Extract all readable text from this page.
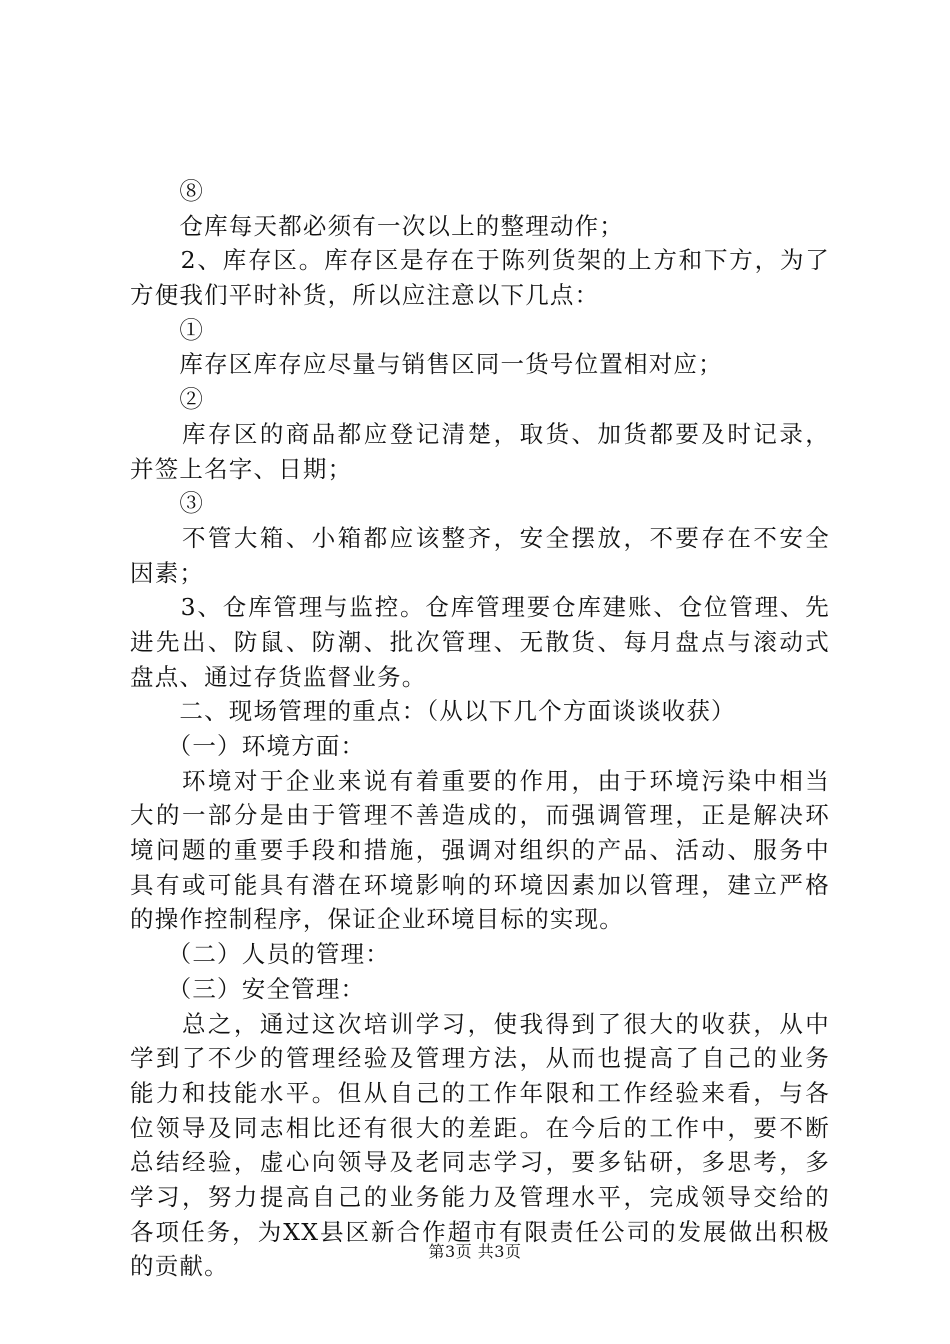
　　⑧
　　仓库每天都必须有一次以上的整理动作；
　　2、库存区。库存区是存在于陈列货架的上方和下方，为了
方便我们平时补货，所以应注意以下几点：
　　①
　　库存区库存应尽量与销售区同一货号位置相对应；
　　②
　　库存区的商品都应登记清楚，取货、加货都要及时记录，
并签上名字、日期；
　　③
　　不管大箱、小箱都应该整齐，安全摆放，不要存在不安全
因素；
　　3、仓库管理与监控。仓库管理要仓库建账、仓位管理、先
进先出、防鼠、防潮、批次管理、无散货、每月盘点与滚动式
盘点、通过存货监督业务。
　　二、现场管理的重点：（从以下几个方面谈谈收获）
　　（一）环境方面：
　　环境对于企业来说有着重要的作用，由于环境污染中相当
大的一部分是由于管理不善造成的，而强调管理，正是解决环
境问题的重要手段和措施，强调对组织的产品、活动、服务中
具有或可能具有潜在环境影响的环境因素加以管理，建立严格
的操作控制程序，保证企业环境目标的实现。
　　（二）人员的管理：
　　（三）安全管理：
　　总之，通过这次培训学习，使我得到了很大的收获，从中
学到了不少的管理经验及管理方法，从而也提高了自己的业务
能力和技能水平。但从自己的工作年限和工作经验来看，与各
位领导及同志相比还有很大的差距。在今后的工作中，要不断
总结经验，虚心向领导及老同志学习，要多钻研，多思考，多
学习，努力提高自己的业务能力及管理水平，完成领导交给的
各项任务，为XX县区新合作超市有限责任公司的发展做出积极
的贡献。
第3页 共3页
